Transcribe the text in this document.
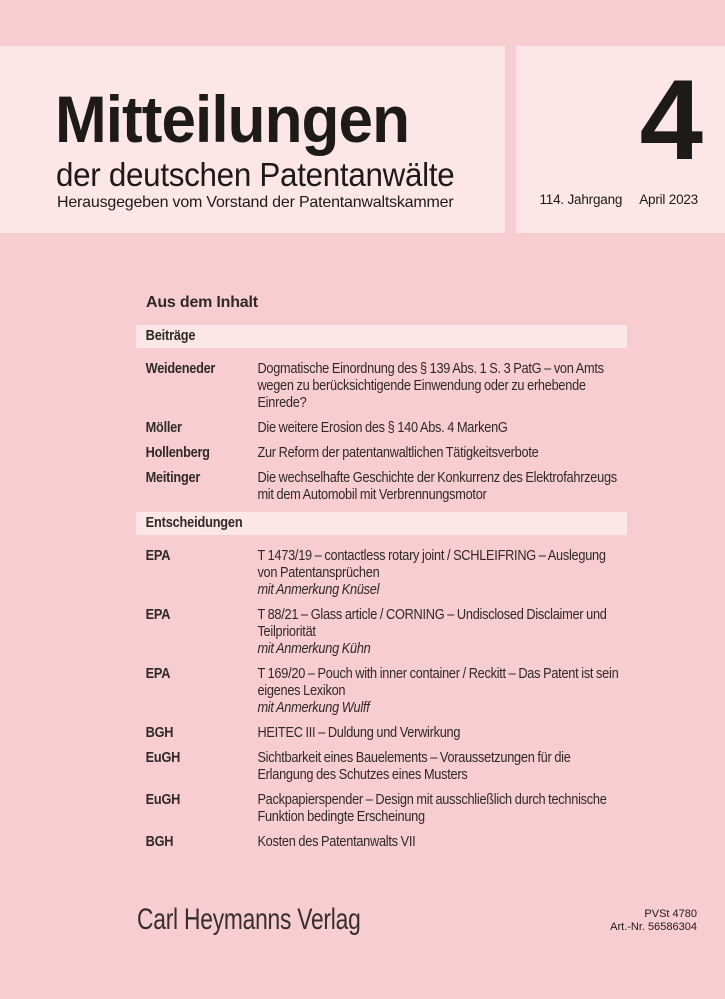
Mitteilungen
der deutschen Patentanwälte
Herausgegeben vom Vorstand der Patentanwaltskammer
4
114. Jahrgang April 2023
Aus dem Inhalt
Beiträge
Weideneder	Dogmatische Einordnung des § 139 Abs. 1 S. 3 PatG – von Amts wegen zu berücksichtigende Einwendung oder zu erhebende Einrede?
Möller	Die weitere Erosion des § 140 Abs. 4 MarkenG
Hollenberg	Zur Reform der patentanwaltlichen Tätigkeitsverbote
Meitinger	Die wechselhafte Geschichte der Konkurrenz des Elektrofahrzeugs mit dem Automobil mit Verbrennungsmotor
Entscheidungen
EPA	T 1473/19 – contactless rotary joint / SCHLEIFRING – Auslegung von Patentansprüchen
mit Anmerkung Knüsel
EPA	T 88/21 – Glass article / CORNING – Undisclosed Disclaimer und Teilpriorität
mit Anmerkung Kühn
EPA	T 169/20 – Pouch with inner container / Reckitt – Das Patent ist sein eigenes Lexikon
mit Anmerkung Wulff
BGH	HEITEC III – Duldung und Verwirkung
EuGH	Sichtbarkeit eines Bauelements – Voraussetzungen für die Erlangung des Schutzes eines Musters
EuGH	Packpapierspender – Design mit ausschließlich durch technische Funktion bedingte Erscheinung
BGH	Kosten des Patentanwalts VII
Carl Heymanns Verlag	PVSt 4780
Art.-Nr. 56586304
